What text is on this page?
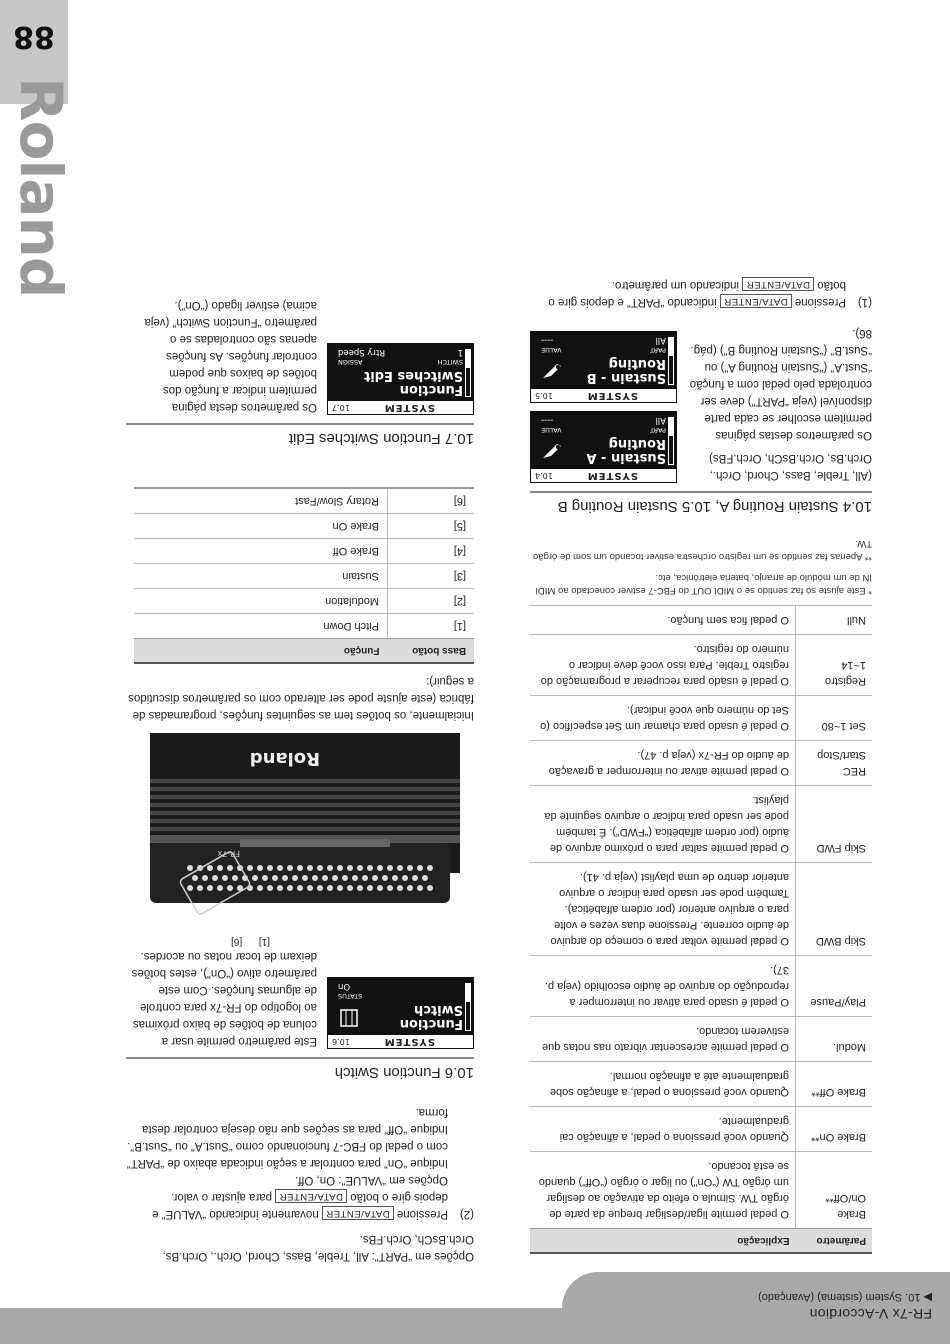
FR-7x V-Accordion
▶ 10. System (sistema) (Avançado)
88
Roland
Parâmetro	Explicação
Brake On/Off**	O pedal permite ligar/desligar breque da parte de órgão TW. Simula o efeito da ativação ao desligar um órgão TW (“On”) ou ligar o órgão (“Off”) quando se está tocando.
Brake On**	Quando você pressiona o pedal, a afinação cai gradualmente.
Brake Off**	Quando você pressiona o pedal, a afinação sobe gradualmente até a afinação normal.
Modul.	O pedal permite acrescentar vibrato nas notas que estiverem tocando.
Play/Pause	O pedal é usado para ativar ou interromper a reprodução do arquivo de áudio escolhido (veja p. 37).
Skip BWD	O pedal permite voltar para o começo do arquivo de áudio corrente. Pressione duas vezes e volte para o arquivo anterior (por ordem alfabética). Também pode ser usado para indicar o arquivo anterior dentro de uma playlist (veja p. 41).
Skip FWD	O pedal permite saltar para o próximo arquivo de áudio (por ordem alfabética (“FWD”). É também pode ser usado para indicar o arquivo seguinte da playlist.
REC Start/Stop	O pedal permite ativar ou interromper a gravação de áudio do FR-7x (veja p. 47).
Set 1~80	O pedal é usado para chamar um Set específico (o Set do número que você indicar).
Registro 1~14	O pedal é usado para recuperar a programação do registro Treble. Para isso você deve indicar o número do registro.
Null	O pedal fica sem função.
* Este ajuste só faz sentido se o MIDI OUT do FBC-7 estiver conectado ao MIDI IN de um módulo de arranjo, bateria eletrônica, etc.
** Apenas faz sentido se um registro orchestra estiver tocando um som de órgão TW.
10.4 Sustain Routing A, 10.5 Sustain Routing B

(All, Treble, Bass, Chord, Orch., Orch.Bs, Orch.BsCh, Orch.FBs)

Os parâmetros destas páginas permitem escolher se cada parte disponível (veja “PART”) deve ser controlada pelo pedal com a função “Sust.A” (“Sustain Routing A”) ou “Sust.B” (“Sustain Routing B”) (pág. 86).

SYSTEM
10.4
Sustain - A
Routing
PART
VALUE
All
----
SYSTEM
10.5
Sustain - B
Routing
PART
VALUE
All
----
(1)
Pressione DATA/ENTER indicando “PART” e depois gire o botão DATA/ENTER indicando um parâmetro.

Opções em “PART”: All, Treble, Bass, Chord, Orch., Orch.Bs, Orch.BsCh, Orch.FBs.

(2)
Pressione DATA/ENTER novamente indicando “VALUE” e depois gire o botão DATA/ENTER para ajustar o valor.
Opções em “VALUE”: On, Off.
Indique “On” para controlar a seção indicada abaixo de “PART” com o pedal do FBC-7 funcionando como “Sust.A” ou “Sust.B”. Indique “Off” para as seções que não deseja controlar desta forma.
10.6 Function Switch
SYSTEM
10.6
Function
Switch
STATUS
On

Este parâmetro permite usar a coluna de botões de baixo próximas ao logotipo do FR-7x para controle de algumas funções. Com este parâmetro ativo (“On”), estes botões deixam de tocar notas ou acordes.

Roland
FR-7x
[1]      [6]

Inicialmente, os botões tem as seguintes funções, programadas de fábrica (este ajuste pode ser alterado com os parâmetros discutidos a seguir):

Bass botão	Função
[1]	Pitch Down
[2]	Modulation
[3]	Sustain
[4]	Brake Off
[5]	Brake On
[6]	Rotary Slow/Fast
10.7 Function Switches Edit
SYSTEM
10.7
Function
Switches Edit
SWITCH
ASSIGN
1
Rtry Speed

Os parâmetros desta página permitem indicar a função dos botões de baixos que podem controlar funções. As funções apenas são controladas se o parâmetro “Function Switch” (veja acima) estiver ligado (“On”).
